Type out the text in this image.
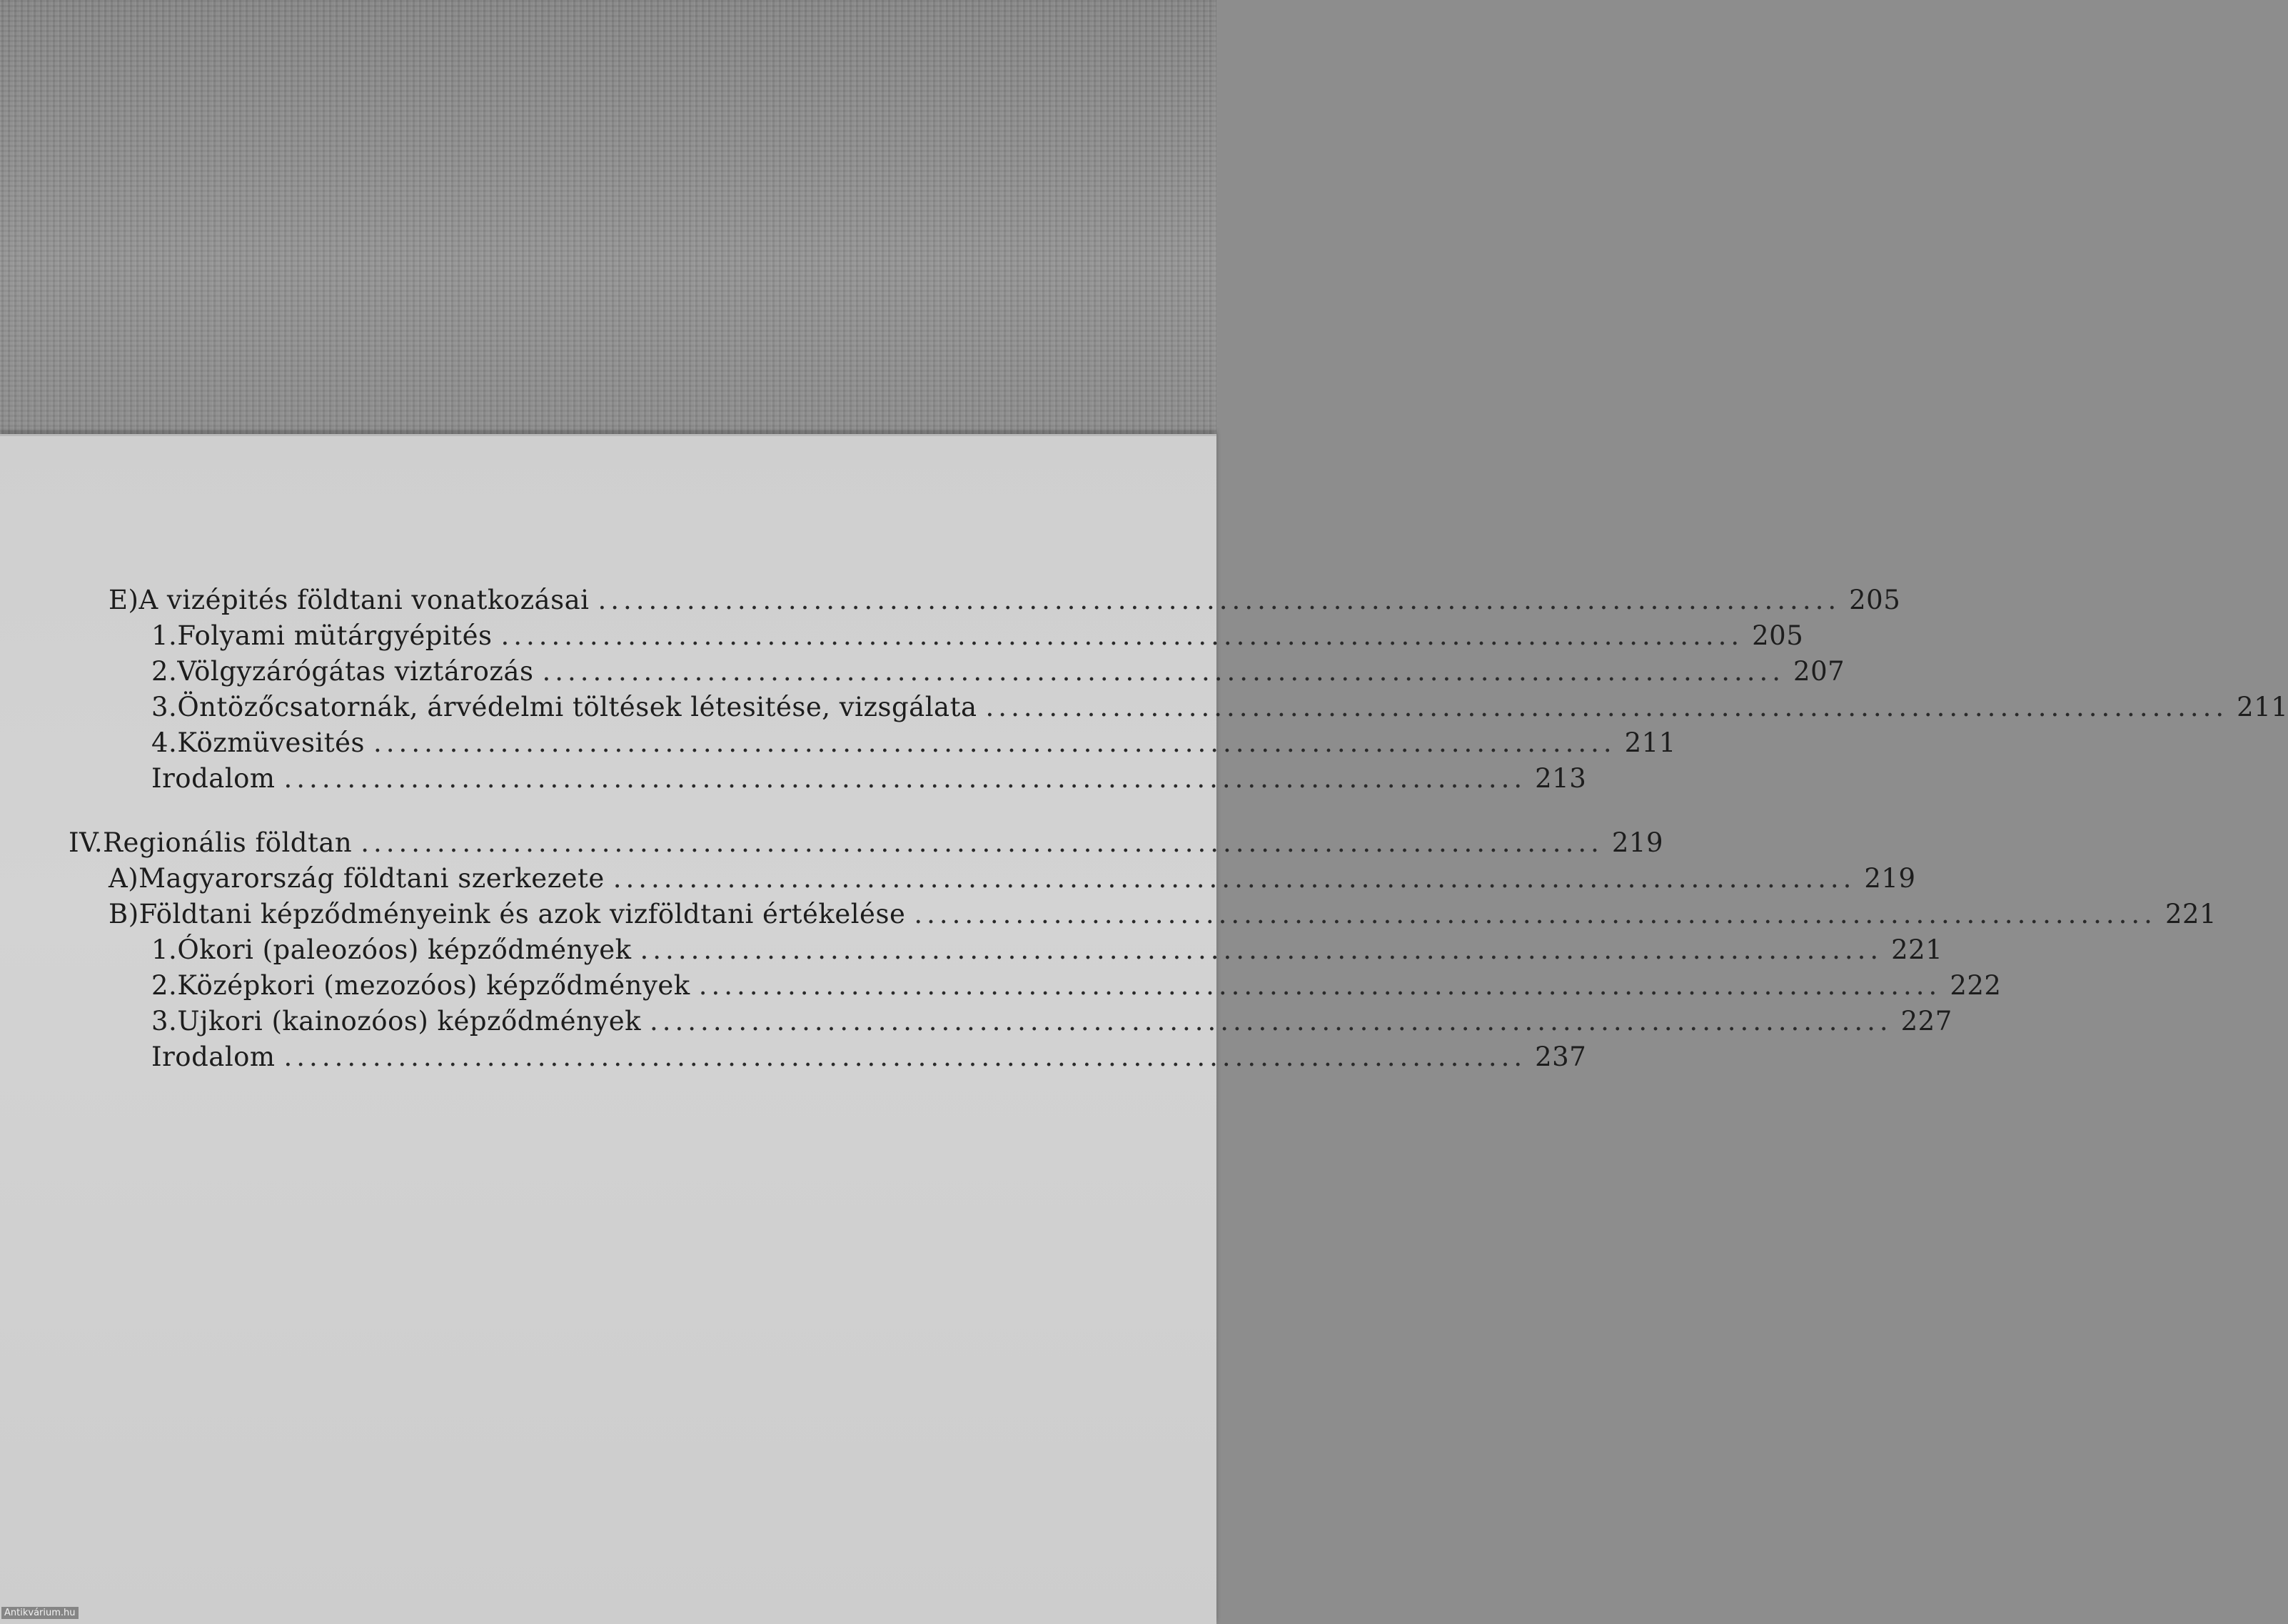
E) A vizépités földtani vonatkozásai .................................................................................................. 205
1. Folyami mütárgyépités .................................................................................................. 205
2. Völgyzárógátas viztározás .................................................................................................. 207
3. Öntözőcsatornák, árvédelmi töltések létesitése, vizsgálata .................................................................................................. 211
4. Közmüvesités .................................................................................................. 211
Irodalom .................................................................................................. 213
IV. Regionális földtan .................................................................................................. 219
A) Magyarország földtani szerkezete .................................................................................................. 219
B) Földtani képződményeink és azok vizföldtani értékelése .................................................................................................. 221
1. Ókori (paleozóos) képződmények .................................................................................................. 221
2. Középkori (mezozóos) képződmények .................................................................................................. 222
3. Ujkori (kainozóos) képződmények .................................................................................................. 227
Irodalom .................................................................................................. 237
Antikvárium.hu
